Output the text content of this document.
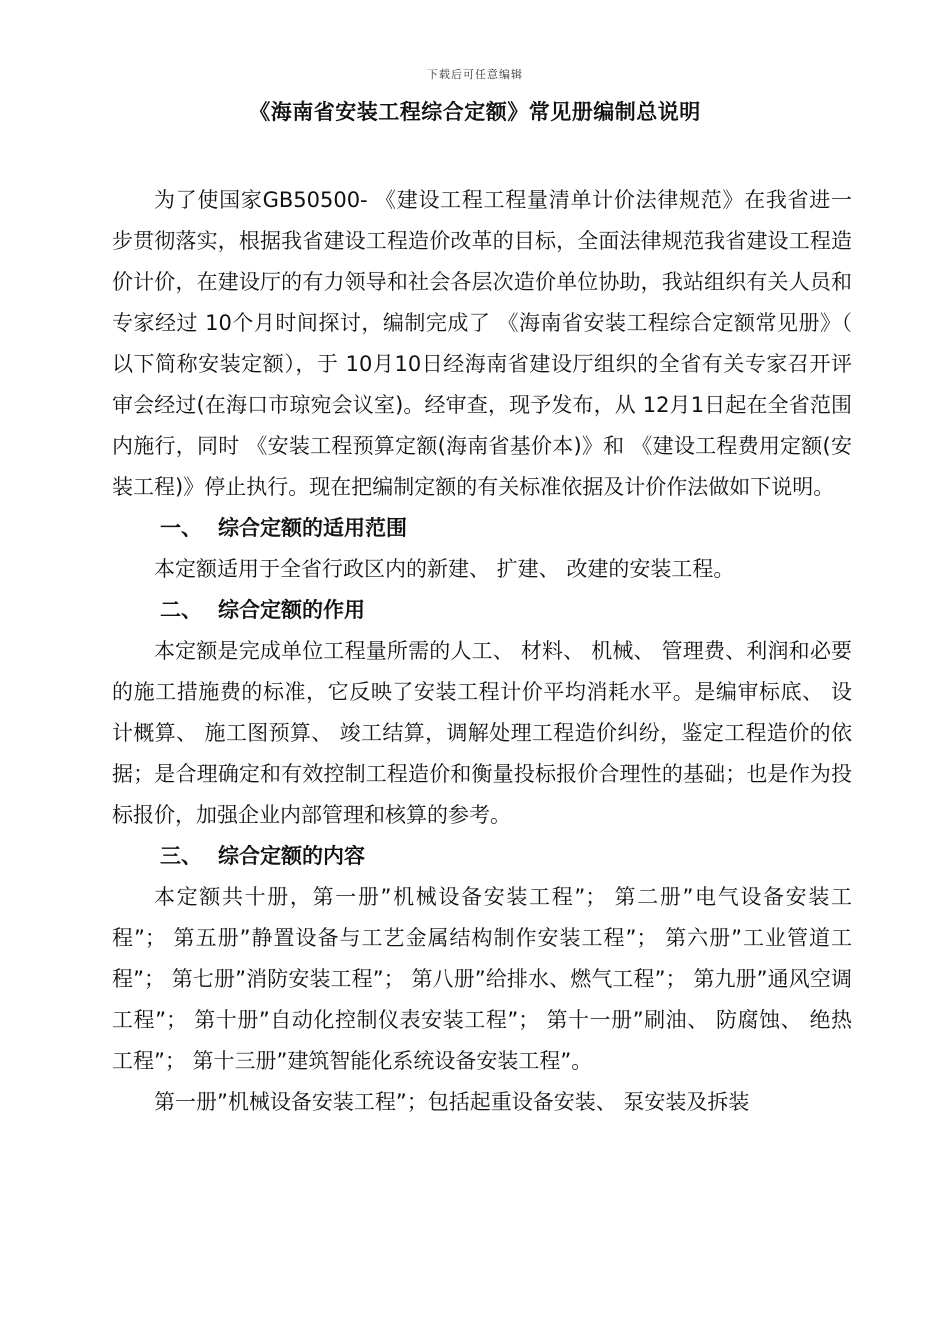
下载后可任意编辑
《海南省安装工程综合定额》常见册编制总说明

为了使国家GB50500- 《建设工程工程量清单计价法律规范》在我省进一步贯彻落实，根据我省建设工程造价改革的目标，全面法律规范我省建设工程造价计价，在建设厅的有力领导和社会各层次造价单位协助，我站组织有关人员和专家经过 10个月时间探讨，编制完成了 《海南省安装工程综合定额常见册》（ 以下简称安装定额），于 10月10日经海南省建设厅组织的全省有关专家召开评审会经过(在海口市琼宛会议室)。经审查，现予发布，从 12月1日起在全省范围内施行，同时 《安装工程预算定额(海南省基价本)》和 《建设工程费用定额(安装工程)》停止执行。现在把编制定额的有关标准依据及计价作法做如下说明。

一、 综合定额的适用范围

本定额适用于全省行政区内的新建、 扩建、 改建的安装工程。

二、 综合定额的作用

本定额是完成单位工程量所需的人工、 材料、 机械、 管理费、利润和必要的施工措施费的标准，它反映了安装工程计价平均消耗水平。是编审标底、 设计概算、 施工图预算、 竣工结算，调解处理工程造价纠纷，鉴定工程造价的依据；是合理确定和有效控制工程造价和衡量投标报价合理性的基础；也是作为投标报价，加强企业内部管理和核算的参考。

三、 综合定额的内容

本定额共十册，第一册”机械设备安装工程”； 第二册”电气设备安装工程”； 第五册”静置设备与工艺金属结构制作安装工程”； 第六册”工业管道工程”； 第七册”消防安装工程”； 第八册”给排水、燃气工程”； 第九册”通风空调工程”； 第十册”自动化控制仪表安装工程”； 第十一册”刷油、 防腐蚀、 绝热工程”； 第十三册”建筑智能化系统设备安装工程”。

第一册”机械设备安装工程”；包括起重设备安装、 泵安装及拆装
